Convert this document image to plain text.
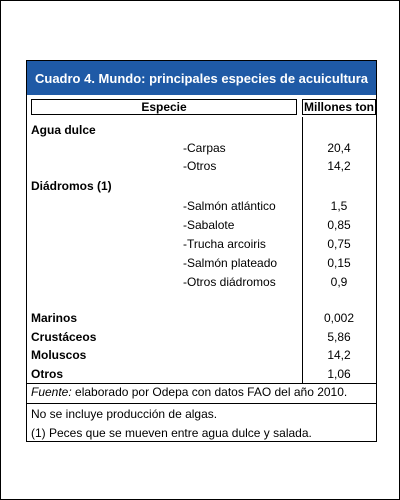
Cuadro 4. Mundo: principales especies de acuicultura
Especie	Millones ton
Agua dulce
-Carpas	20,4
-Otros	14,2
Diádromos (1)
-Salmón atlántico	1,5
-Sabalote	0,85
-Trucha arcoiris	0,75
-Salmón plateado	0,15
-Otros diádromos	0,9
Marinos	0,002
Crustáceos	5,86
Moluscos	14,2
Otros	1,06
Fuente: elaborado por Odepa con datos FAO del año 2010.
No se incluye producción de algas.
(1) Peces que se mueven entre agua dulce y salada.
